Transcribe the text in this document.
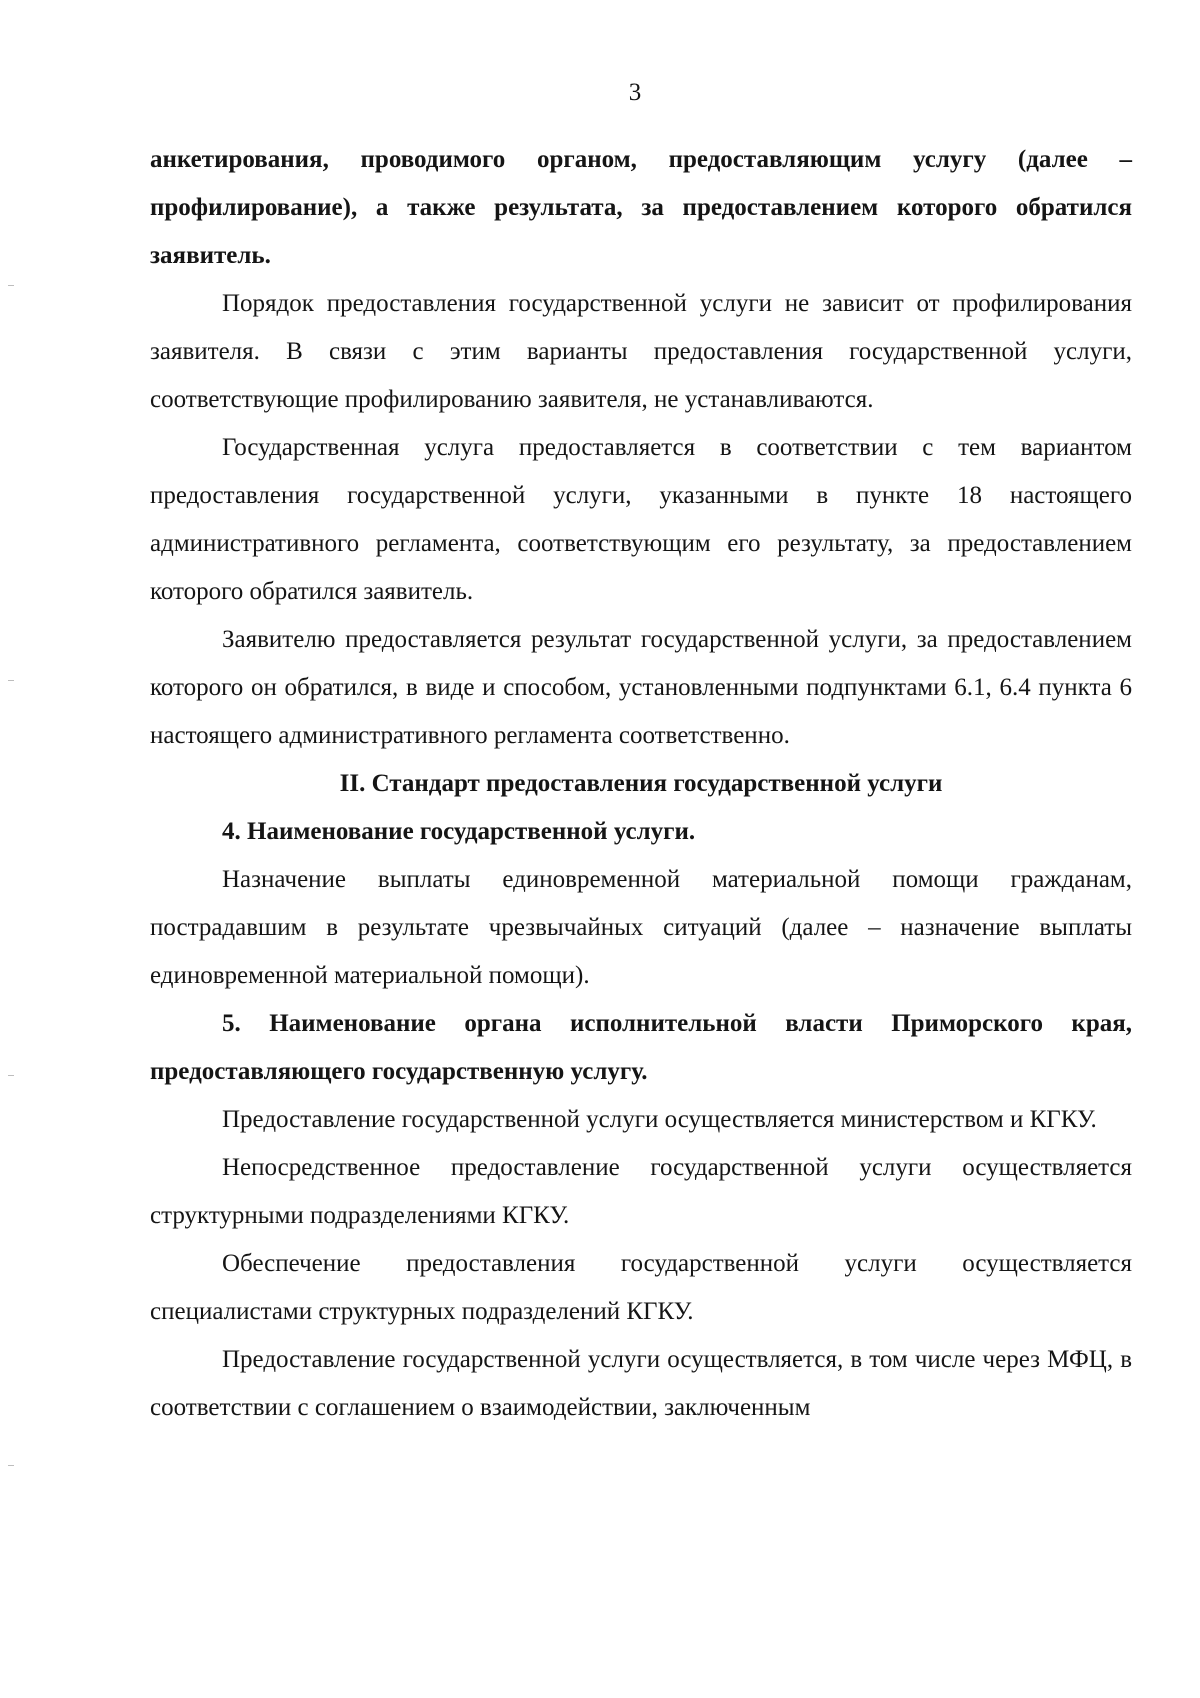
3

анкетирования, проводимого органом, предоставляющим услугу (далее – профилирование), а также результата, за предоставлением которого обратился заявитель.

Порядок предоставления государственной услуги не зависит от профилирования заявителя. В связи с этим варианты предоставления государственной услуги, соответствующие профилированию заявителя, не устанавливаются.

Государственная услуга предоставляется в соответствии с тем вариантом предоставления государственной услуги, указанными в пункте 18 настоящего административного регламента, соответствующим его результату, за предоставлением которого обратился заявитель.

Заявителю предоставляется результат государственной услуги, за предоставлением которого он обратился, в виде и способом, установленными подпунктами 6.1, 6.4 пункта 6 настоящего административного регламента соответственно.

II. Стандарт предоставления государственной услуги

4. Наименование государственной услуги.

Назначение выплаты единовременной материальной помощи гражданам, пострадавшим в результате чрезвычайных ситуаций (далее – назначение выплаты единовременной материальной помощи).

5. Наименование органа исполнительной власти Приморского края, предоставляющего государственную услугу.

Предоставление государственной услуги осуществляется министерством и КГКУ.

Непосредственное предоставление государственной услуги осуществляется структурными подразделениями КГКУ.

Обеспечение предоставления государственной услуги осуществляется специалистами структурных подразделений КГКУ.

Предоставление государственной услуги осуществляется, в том числе через МФЦ, в соответствии с соглашением о взаимодействии, заключенным
